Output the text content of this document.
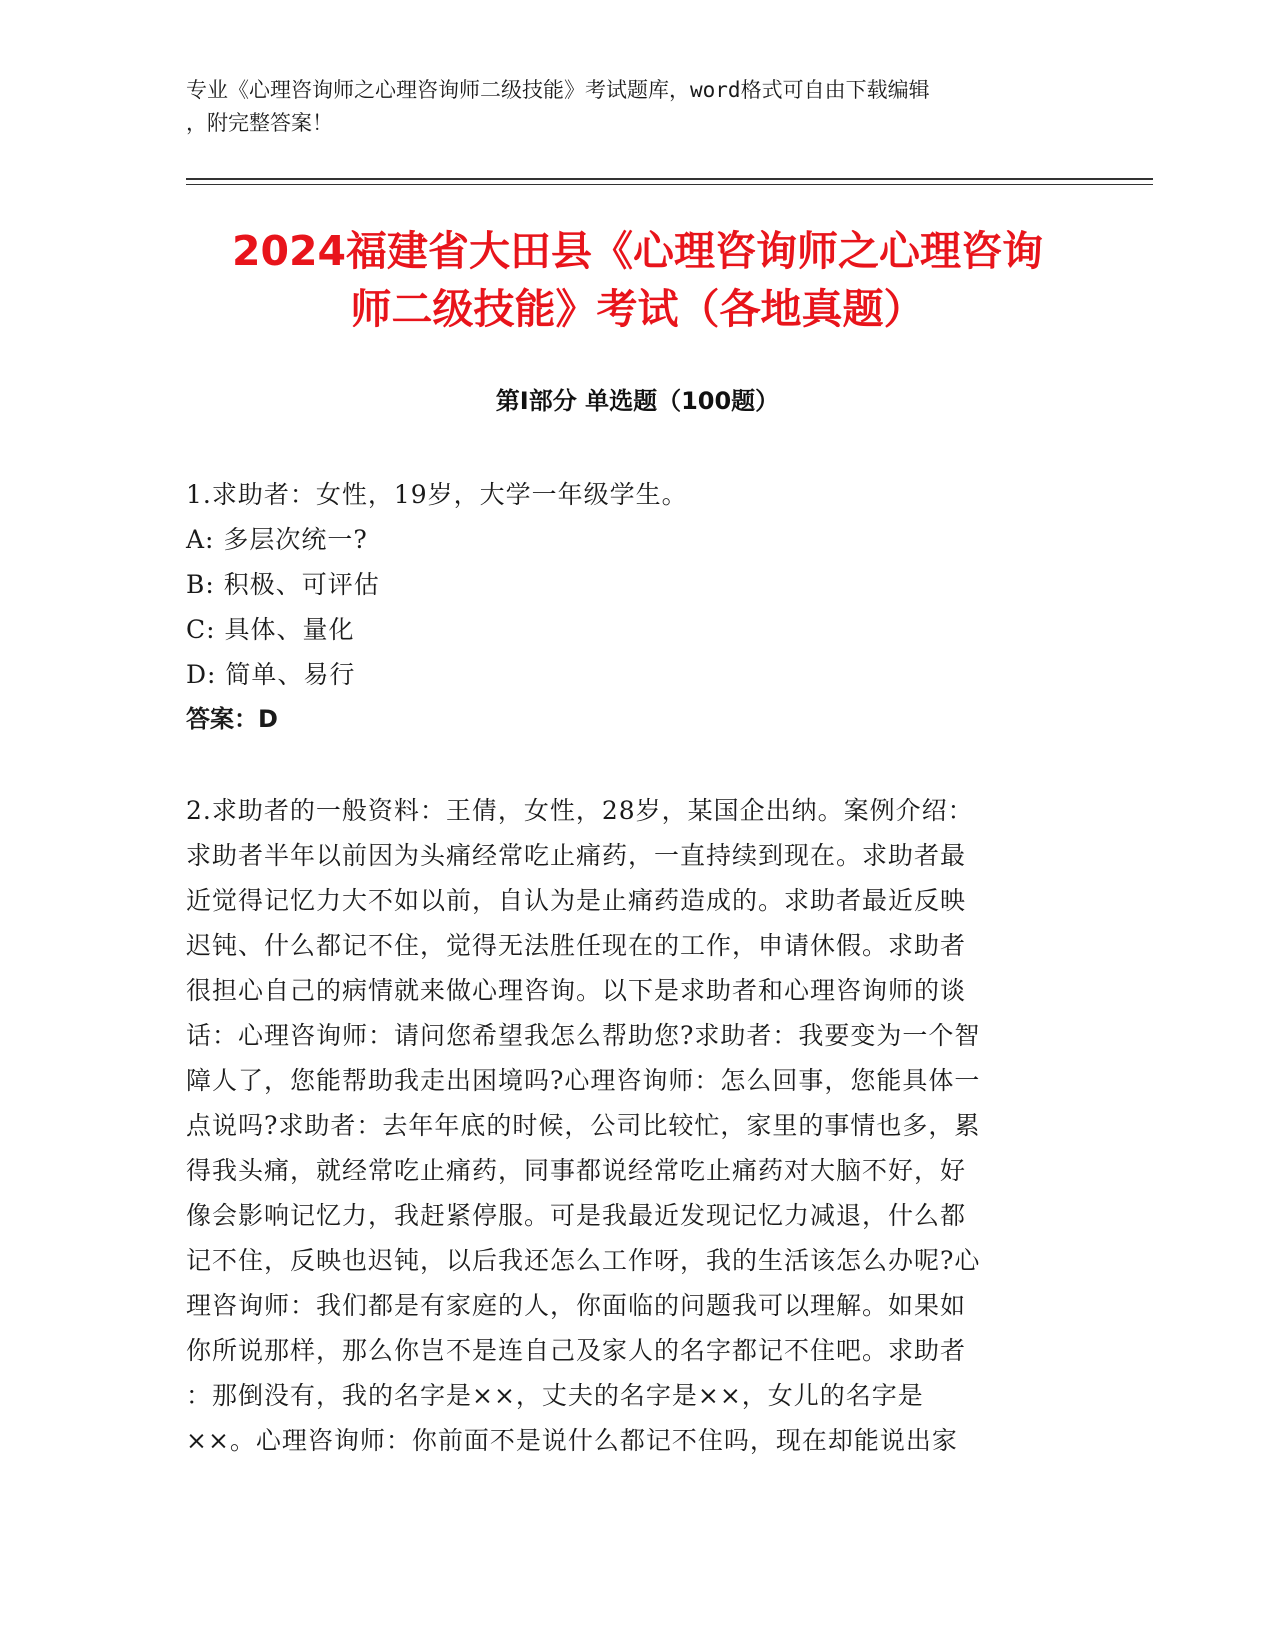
专业《心理咨询师之心理咨询师二级技能》考试题库，word格式可自由下载编辑
，附完整答案！
2024福建省大田县《心理咨询师之心理咨询
师二级技能》考试（各地真题）
第Ⅰ部分 单选题（100题）
1.求助者：女性，19岁，大学一年级学生。
A: 多层次统一?
B: 积极、可评估
C: 具体、量化
D: 简单、易行
答案：D
2.求助者的一般资料：王倩，女性，28岁，某国企出纳。案例介绍：
求助者半年以前因为头痛经常吃止痛药，一直持续到现在。求助者最
近觉得记忆力大不如以前，自认为是止痛药造成的。求助者最近反映
迟钝、什么都记不住，觉得无法胜任现在的工作，申请休假。求助者
很担心自己的病情就来做心理咨询。以下是求助者和心理咨询师的谈
话：心理咨询师：请问您希望我怎么帮助您?求助者：我要变为一个智
障人了，您能帮助我走出困境吗?心理咨询师：怎么回事，您能具体一
点说吗?求助者：去年年底的时候，公司比较忙，家里的事情也多，累
得我头痛，就经常吃止痛药，同事都说经常吃止痛药对大脑不好，好
像会影响记忆力，我赶紧停服。可是我最近发现记忆力减退，什么都
记不住，反映也迟钝，以后我还怎么工作呀，我的生活该怎么办呢?心
理咨询师：我们都是有家庭的人，你面临的问题我可以理解。如果如
你所说那样，那么你岂不是连自己及家人的名字都记不住吧。求助者
：那倒没有，我的名字是××，丈夫的名字是××，女儿的名字是
××。心理咨询师：你前面不是说什么都记不住吗，现在却能说出家
